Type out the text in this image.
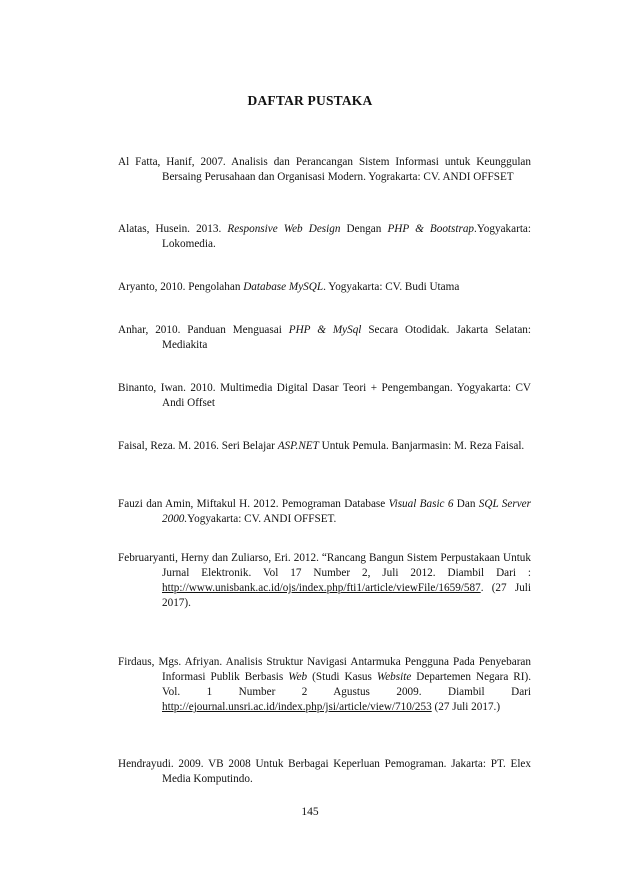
DAFTAR PUSTAKA
Al Fatta, Hanif, 2007. Analisis dan Perancangan Sistem Informasi untuk Keunggulan Bersaing Perusahaan dan Organisasi Modern. Yograkarta: CV. ANDI OFFSET
Alatas, Husein. 2013. Responsive Web Design Dengan PHP & Bootstrap.Yogyakarta: Lokomedia.
Aryanto, 2010. Pengolahan Database MySQL. Yogyakarta: CV. Budi Utama
Anhar, 2010. Panduan Menguasai PHP & MySql Secara Otodidak. Jakarta Selatan: Mediakita
Binanto, Iwan. 2010. Multimedia Digital Dasar Teori + Pengembangan. Yogyakarta: CV Andi Offset
Faisal, Reza. M. 2016. Seri Belajar ASP.NET Untuk Pemula. Banjarmasin: M. Reza Faisal.
Fauzi dan Amin, Miftakul H. 2012. Pemograman Database Visual Basic 6 Dan SQL Server 2000.Yogyakarta: CV. ANDI OFFSET.
Februaryanti, Herny dan Zuliarso, Eri. 2012. “Rancang Bangun Sistem Perpustakaan Untuk Jurnal Elektronik. Vol 17 Number 2, Juli 2012. Diambil Dari : http://www.unisbank.ac.id/ojs/index.php/fti1/article/viewFile/1659/587. (27 Juli 2017).
Firdaus, Mgs. Afriyan. Analisis Struktur Navigasi Antarmuka Pengguna Pada Penyebaran Informasi Publik Berbasis Web (Studi Kasus Website Departemen Negara RI). Vol. 1 Number 2 Agustus 2009. Diambil Dari http://ejournal.unsri.ac.id/index.php/jsi/article/view/710/253 (27 Juli 2017.)
Hendrayudi. 2009. VB 2008 Untuk Berbagai Keperluan Pemograman. Jakarta: PT. Elex Media Komputindo.
145
